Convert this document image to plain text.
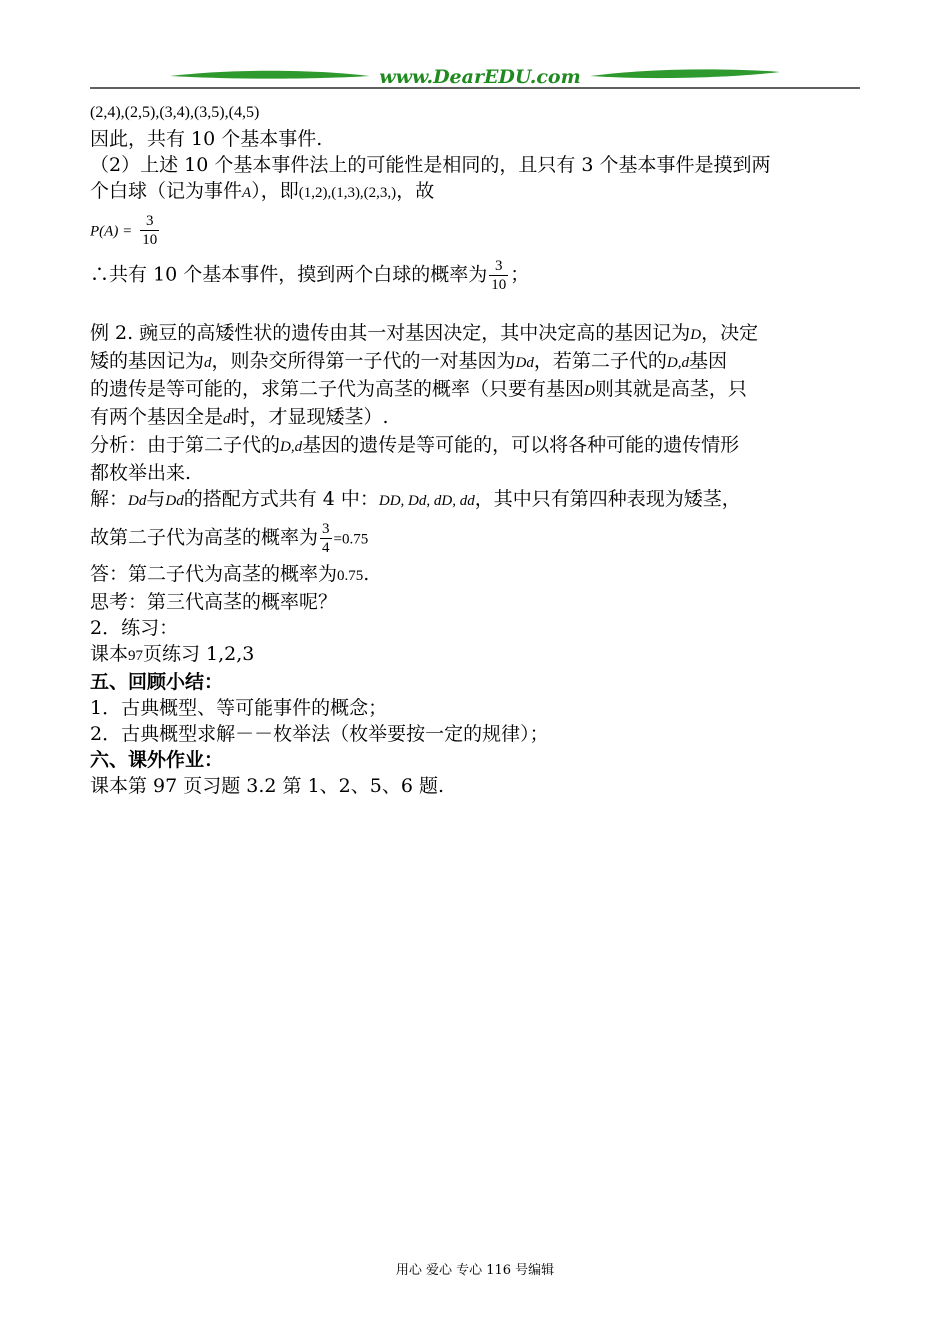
www.DearEDU.com
(2,4),(2,5),(3,4),(3,5),(4,5)
因此，共有 10 个基本事件.
（2）上述 10 个基本事件法上的可能性是相同的，且只有 3 个基本事件是摸到两
个白球（记为事件A），即(1,2),(1,3),(2,3,)，故
$P(A) = \frac{3}{10}$
∴共有 10 个基本事件，摸到两个白球的概率为 $\frac{3}{10}$ ；
例 2. 豌豆的高矮性状的遗传由其一对基因决定，其中决定高的基因记为D，决定
矮的基因记为d，则杂交所得第一子代的一对基因为Dd，若第二子代的D,d基因
的遗传是等可能的，求第二子代为高茎的概率（只要有基因D则其就是高茎，只
有两个基因全是d时，才显现矮茎）.
分析：由于第二子代的D,d基因的遗传是等可能的，可以将各种可能的遗传情形
都枚举出来.
解：Dd与Dd的搭配方式共有 4 中：DD, Dd, dD, dd，其中只有第四种表现为矮茎，
故第二子代为高茎的概率为 $\frac{3}{4} =0.75$
答：第二子代为高茎的概率为0.75.
思考：第三代高茎的概率呢？
2．练习：
课本97页练习 1,2,3
五、回顾小结：
1．古典概型、等可能事件的概念；
2．古典概型求解－－枚举法（枚举要按一定的规律）；
六、课外作业：
课本第 97 页习题 3.2 第 1、2、5、6 题.
用心 爱心 专心 116 号编辑
